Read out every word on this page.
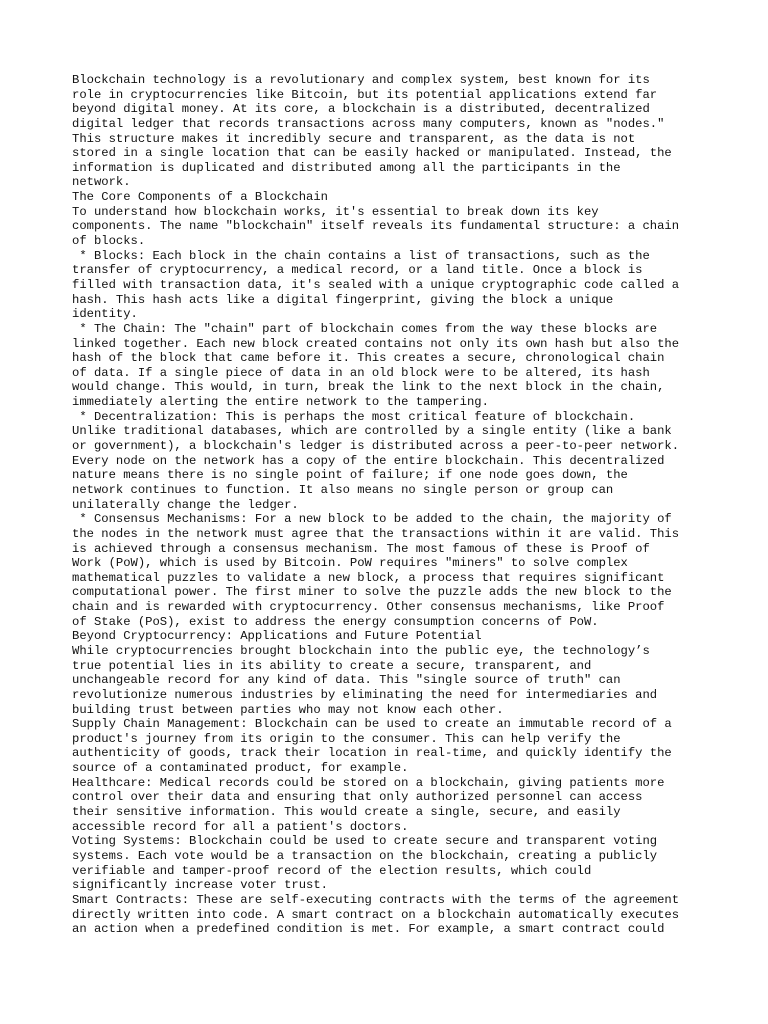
Blockchain technology is a revolutionary and complex system, best known for its
role in cryptocurrencies like Bitcoin, but its potential applications extend far
beyond digital money. At its core, a blockchain is a distributed, decentralized
digital ledger that records transactions across many computers, known as "nodes."
This structure makes it incredibly secure and transparent, as the data is not
stored in a single location that can be easily hacked or manipulated. Instead, the
information is duplicated and distributed among all the participants in the
network.
The Core Components of a Blockchain
To understand how blockchain works, it's essential to break down its key
components. The name "blockchain" itself reveals its fundamental structure: a chain
of blocks.
* Blocks: Each block in the chain contains a list of transactions, such as the
transfer of cryptocurrency, a medical record, or a land title. Once a block is
filled with transaction data, it's sealed with a unique cryptographic code called a
hash. This hash acts like a digital fingerprint, giving the block a unique
identity.
* The Chain: The "chain" part of blockchain comes from the way these blocks are
linked together. Each new block created contains not only its own hash but also the
hash of the block that came before it. This creates a secure, chronological chain
of data. If a single piece of data in an old block were to be altered, its hash
would change. This would, in turn, break the link to the next block in the chain,
immediately alerting the entire network to the tampering.
* Decentralization: This is perhaps the most critical feature of blockchain.
Unlike traditional databases, which are controlled by a single entity (like a bank
or government), a blockchain's ledger is distributed across a peer-to-peer network.
Every node on the network has a copy of the entire blockchain. This decentralized
nature means there is no single point of failure; if one node goes down, the
network continues to function. It also means no single person or group can
unilaterally change the ledger.
* Consensus Mechanisms: For a new block to be added to the chain, the majority of
the nodes in the network must agree that the transactions within it are valid. This
is achieved through a consensus mechanism. The most famous of these is Proof of
Work (PoW), which is used by Bitcoin. PoW requires "miners" to solve complex
mathematical puzzles to validate a new block, a process that requires significant
computational power. The first miner to solve the puzzle adds the new block to the
chain and is rewarded with cryptocurrency. Other consensus mechanisms, like Proof
of Stake (PoS), exist to address the energy consumption concerns of PoW.
Beyond Cryptocurrency: Applications and Future Potential
While cryptocurrencies brought blockchain into the public eye, the technology’s
true potential lies in its ability to create a secure, transparent, and
unchangeable record for any kind of data. This "single source of truth" can
revolutionize numerous industries by eliminating the need for intermediaries and
building trust between parties who may not know each other.
Supply Chain Management: Blockchain can be used to create an immutable record of a
product's journey from its origin to the consumer. This can help verify the
authenticity of goods, track their location in real-time, and quickly identify the
source of a contaminated product, for example.
Healthcare: Medical records could be stored on a blockchain, giving patients more
control over their data and ensuring that only authorized personnel can access
their sensitive information. This would create a single, secure, and easily
accessible record for all a patient's doctors.
Voting Systems: Blockchain could be used to create secure and transparent voting
systems. Each vote would be a transaction on the blockchain, creating a publicly
verifiable and tamper-proof record of the election results, which could
significantly increase voter trust.
Smart Contracts: These are self-executing contracts with the terms of the agreement
directly written into code. A smart contract on a blockchain automatically executes
an action when a predefined condition is met. For example, a smart contract could
